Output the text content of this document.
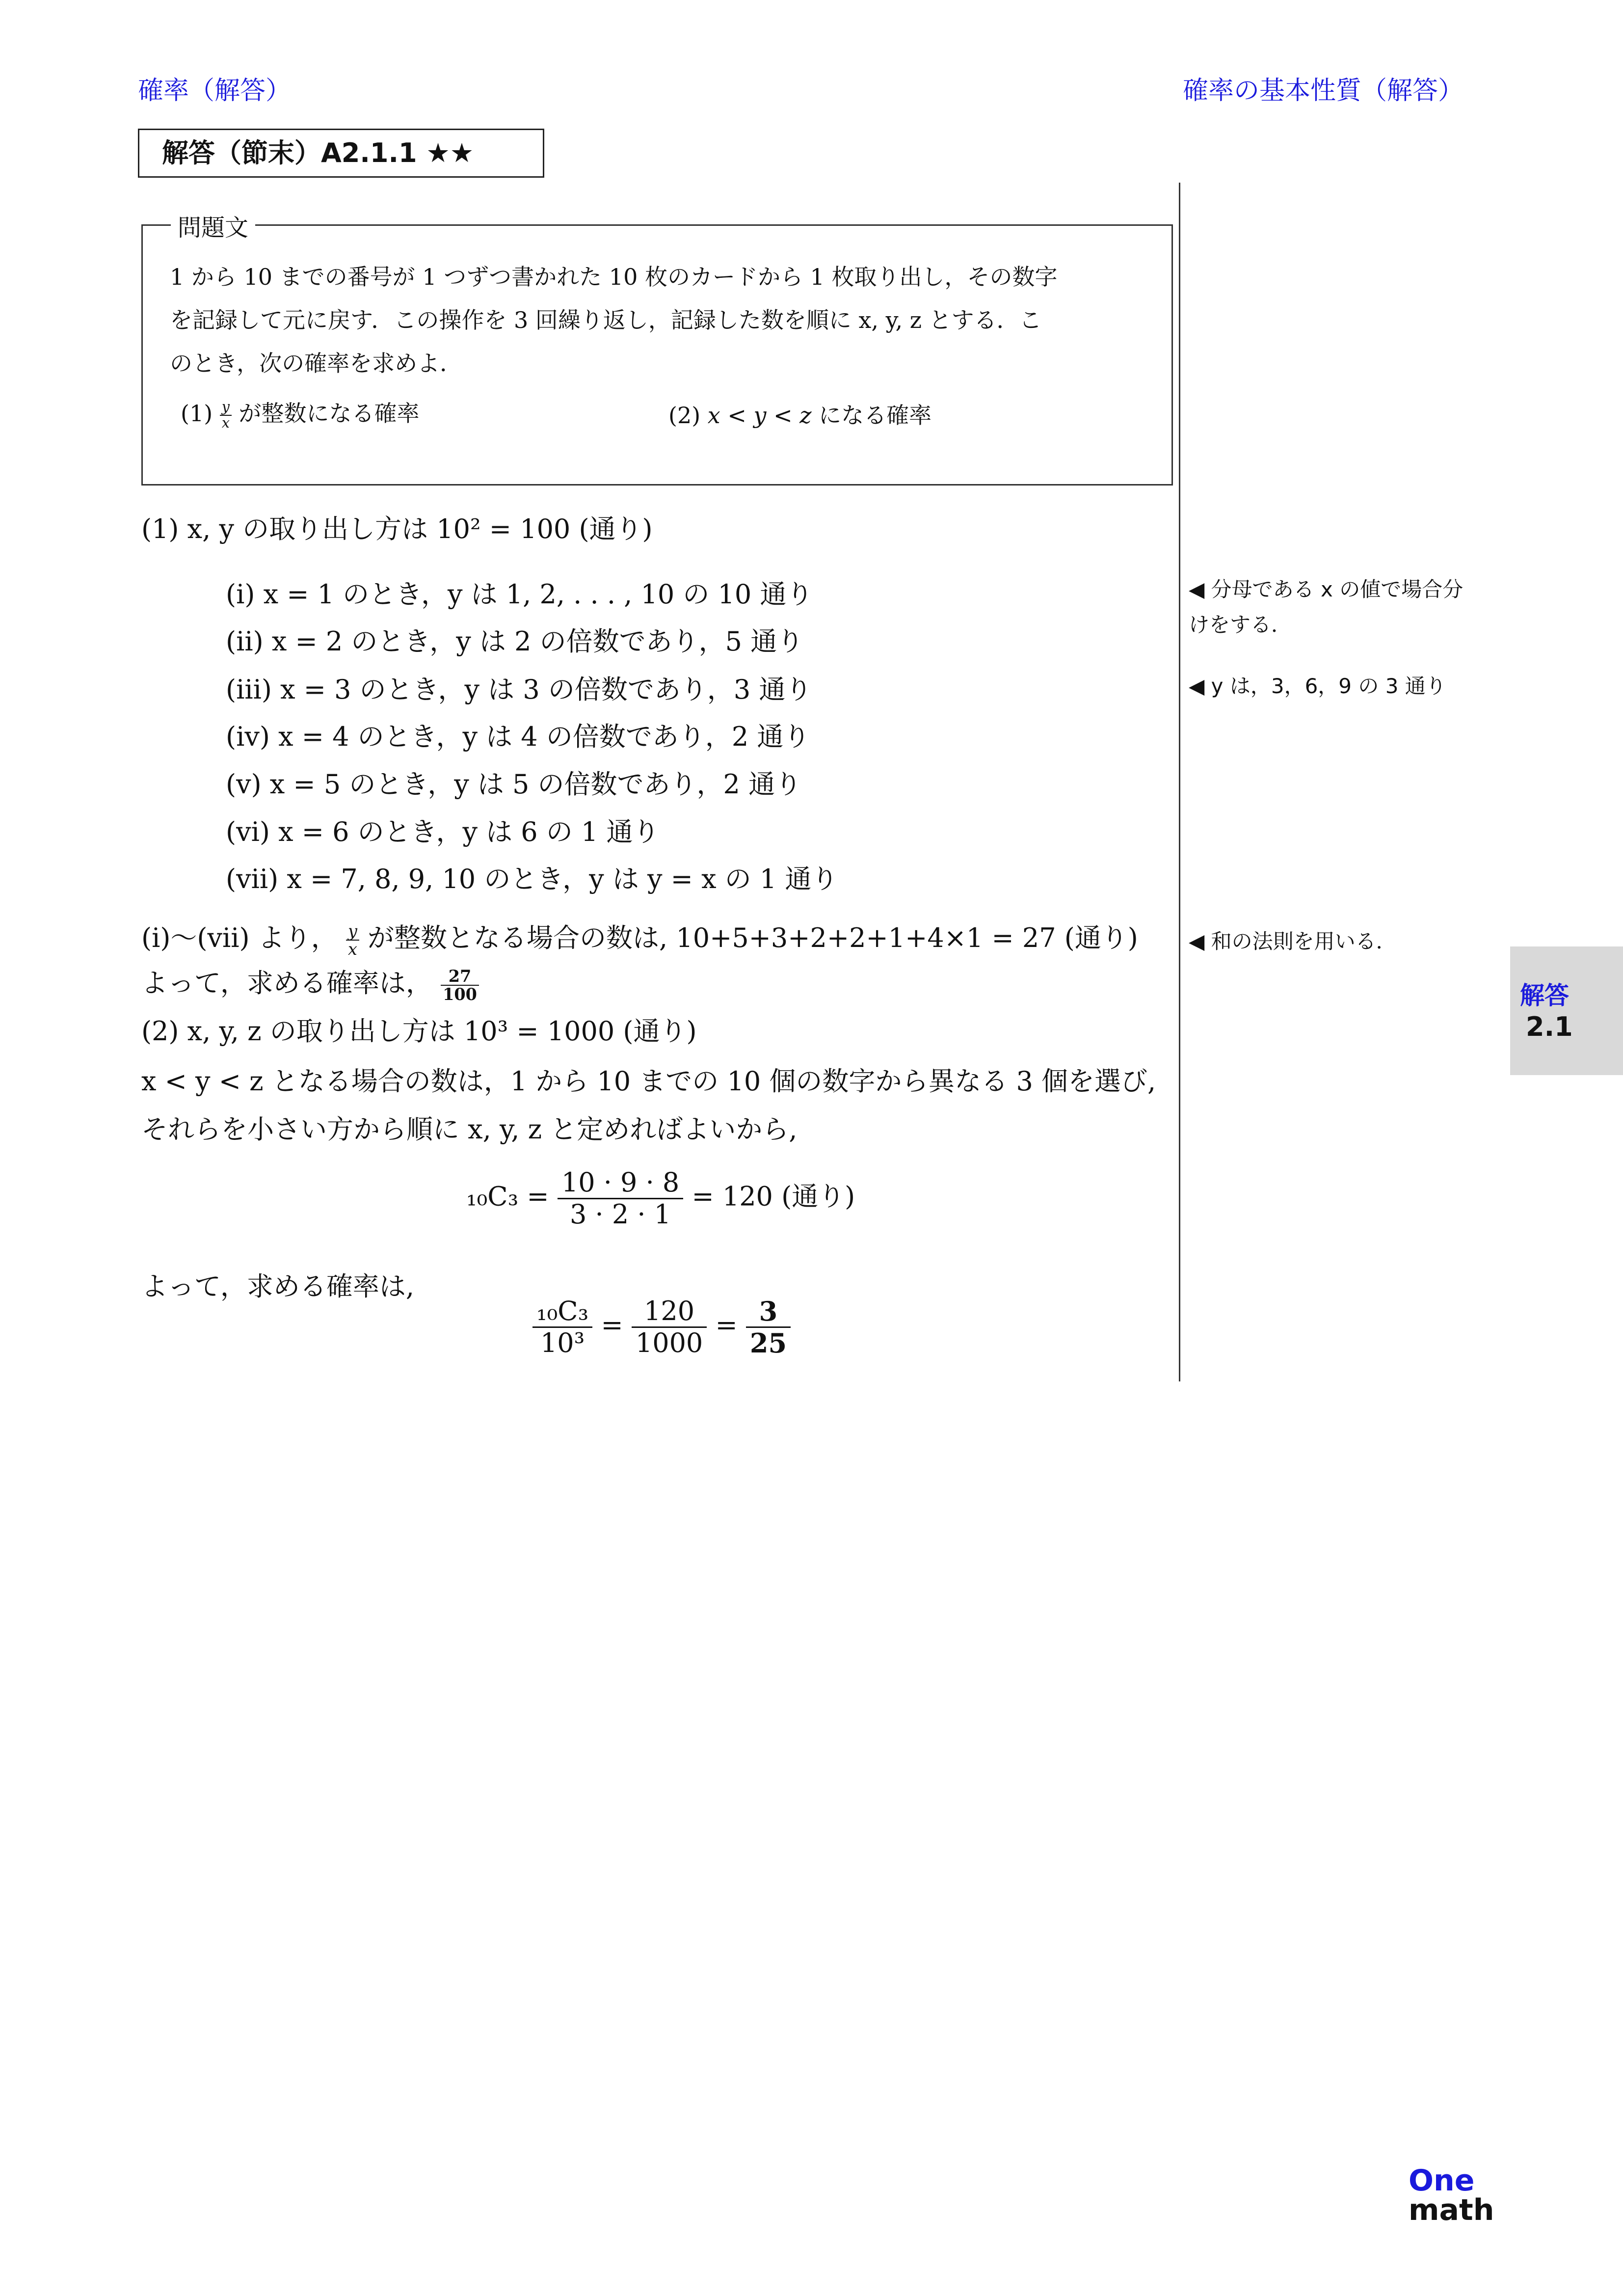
確率（解答）	確率の基本性質（解答）
解答（節末）A2.1.1 ★★
問題文
1 から 10 までの番号が 1 つずつ書かれた 10 枚のカードから 1 枚取り出し，その数字
を記録して元に戻す．この操作を 3 回繰り返し，記録した数を順に x, y, z とする．こ
のとき，次の確率を求めよ．
$(1) \frac{y}{x}$ が整数になる確率	(2) x < y < z になる確率
(1) x, y の取り出し方は 10² = 100 (通り)
(i) x = 1 のとき，y は 1, 2, . . . , 10 の 10 通り
(ii) x = 2 のとき，y は 2 の倍数であり，5 通り
(iii) x = 3 のとき，y は 3 の倍数であり，3 通り
(iv) x = 4 のとき，y は 4 の倍数であり，2 通り
(v) x = 5 のとき，y は 5 の倍数であり，2 通り
(vi) x = 6 のとき，y は 6 の 1 通り
(vii) x = 7, 8, 9, 10 のとき，y は y = x の 1 通り
(i)〜(vii) より， $\frac{y}{x}$ が整数となる場合の数は, 10+5+3+2+2+1+4×1 = 27 (通り)
よって，求める確率は， $\frac{27}{100}$
(2) x, y, z の取り出し方は 10³ = 1000 (通り)
x < y < z となる場合の数は，1 から 10 までの 10 個の数字から異なる 3 個を選び,
それらを小さい方から順に x, y, z と定めればよいから,
$_{10}C_3 = \frac{10 \cdot 9 \cdot 8}{3 \cdot 2 \cdot 1} = 120$ (通り)
よって，求める確率は,
$\frac{\text{₁₀C₃}}{\text{10³}} = \frac{120}{1000} = \frac{3}{25}$
◀ 分母である x の値で場合分
けをする．
◀ y は，3，6，9 の 3 通り
◀ 和の法則を用いる．
解答
2.1
One
math
